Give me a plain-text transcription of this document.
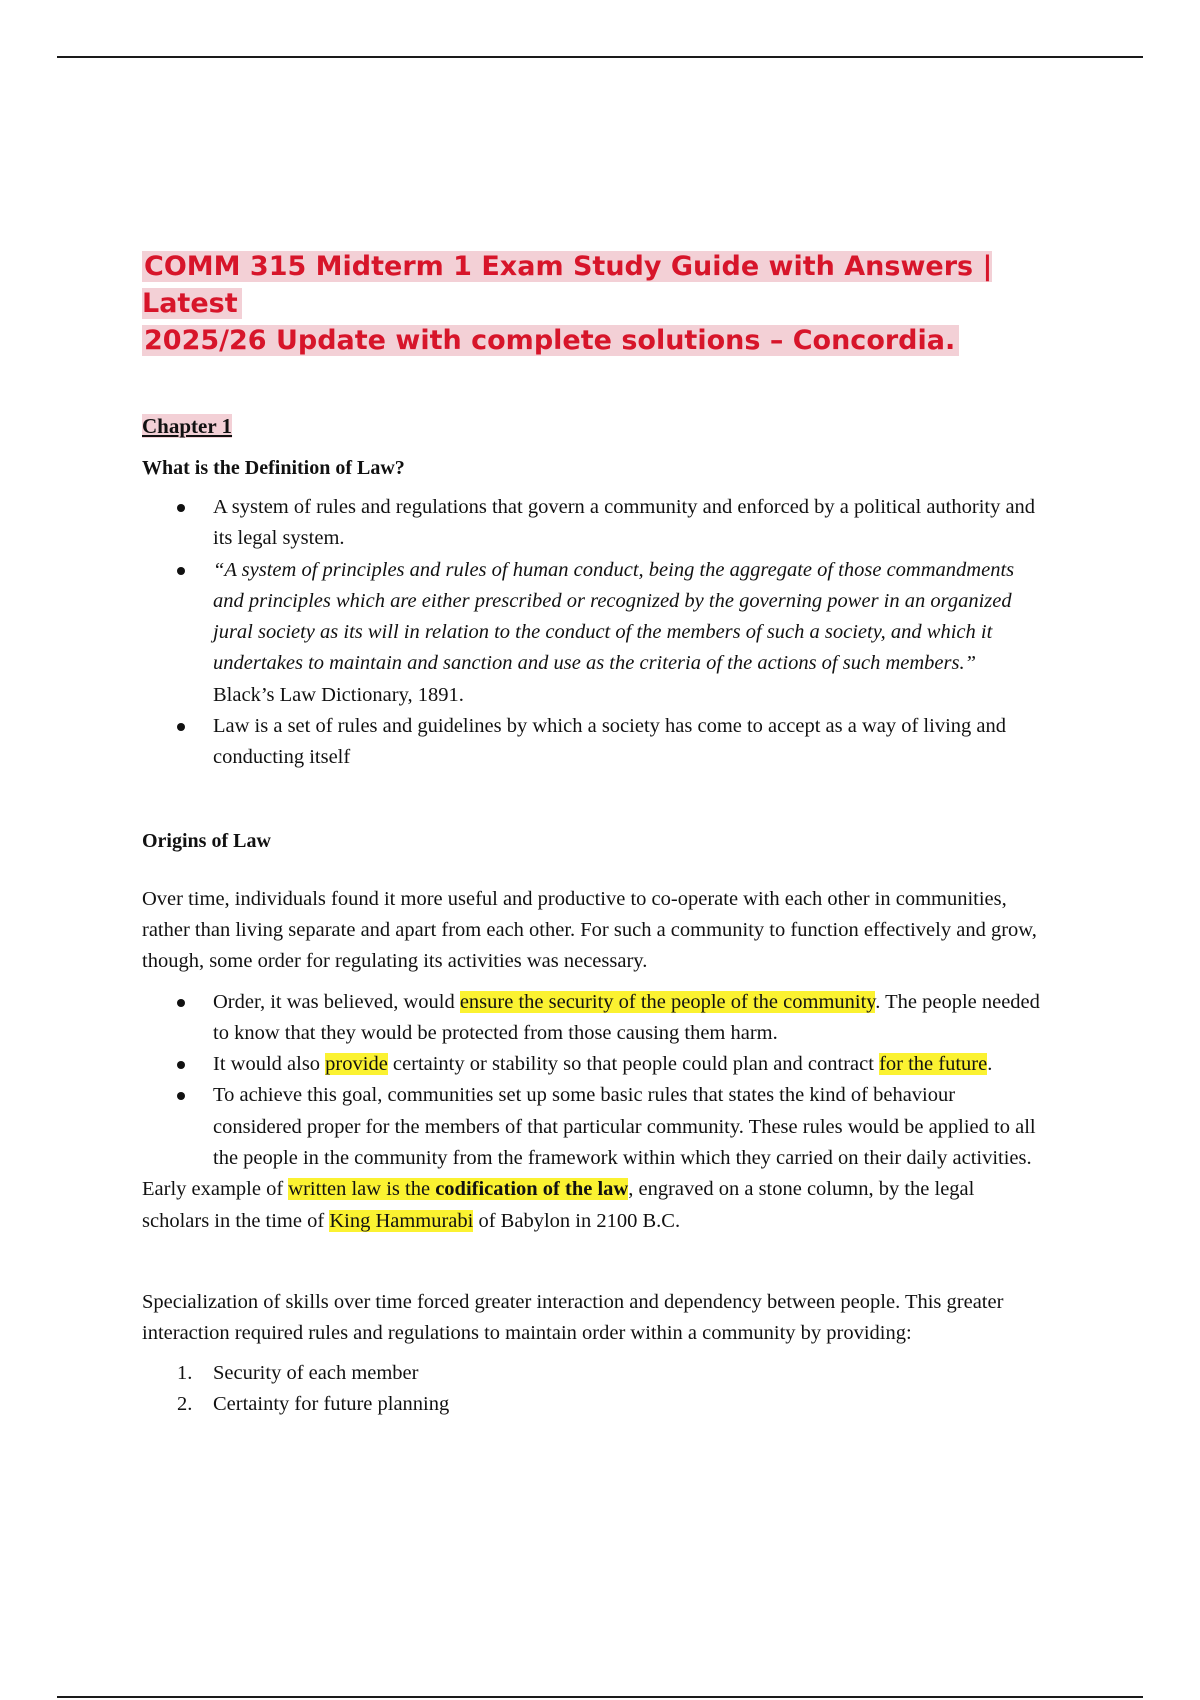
COMM 315 Midterm 1 Exam Study Guide with Answers | Latest
2025/26 Update with complete solutions – Concordia.
Chapter 1
What is the Definition of Law?
A system of rules and regulations that govern a community and enforced by a political authority and its legal system.
“A system of principles and rules of human conduct, being the aggregate of those commandments and principles which are either prescribed or recognized by the governing power in an organized jural society as its will in relation to the conduct of the members of such a society, and which it undertakes to maintain and sanction and use as the criteria of the actions of such members.” Black’s Law Dictionary, 1891.
Law is a set of rules and guidelines by which a society has come to accept as a way of living and conducting itself
Origins of Law

Over time, individuals found it more useful and productive to co-operate with each other in communities, rather than living separate and apart from each other. For such a community to function effectively and grow, though, some order for regulating its activities was necessary.

Order, it was believed, would ensure the security of the people of the community. The people needed to know that they would be protected from those causing them harm.
It would also provide certainty or stability so that people could plan and contract for the future.
To achieve this goal, communities set up some basic rules that states the kind of behaviour considered proper for the members of that particular community. These rules would be applied to all the people in the community from the framework within which they carried on their daily activities.

Early example of written law is the codification of the law, engraved on a stone column, by the legal scholars in the time of King Hammurabi of Babylon in 2100 B.C.

Specialization of skills over time forced greater interaction and dependency between people. This greater interaction required rules and regulations to maintain order within a community by providing:

1. Security of each member
2. Certainty for future planning
